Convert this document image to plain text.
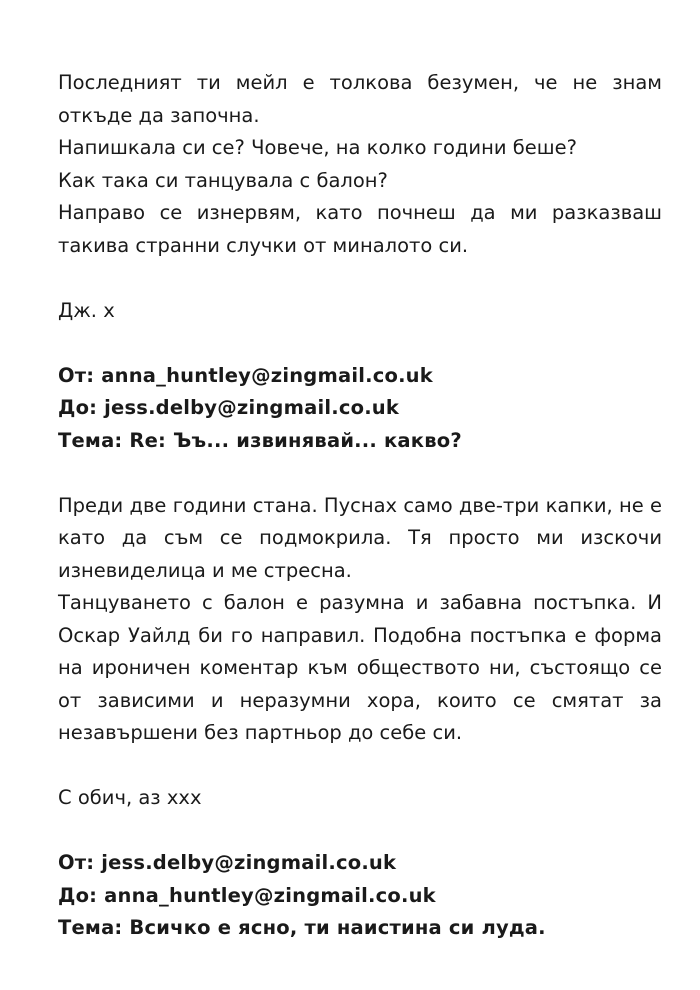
Последният ти мейл е толкова безумен, че не знам откъде да започна.

Напишкала си се? Човече, на колко години беше?

Как така си танцувала с балон?

Направо се изнервям, като почнеш да ми разказваш такива странни случки от миналото си.

Дж. х

От: anna_huntley@zingmail.co.uk

До: jess.delby@zingmail.co.uk

Тема: Re: Ъъ... извинявай... какво?

Преди две години стана. Пуснах само две-три капки, не е като да съм се подмокрила. Тя просто ми изскочи изневиделица и ме стресна.

Танцуването с балон е разумна и забавна постъпка. И Оскар Уайлд би го направил. Подобна постъпка е форма на ироничен коментар към обществото ни, състоящо се от зависими и неразумни хора, които се смятат за незавършени без партньор до себе си.

С обич, аз ххх

От: jess.delby@zingmail.co.uk

До: anna_huntley@zingmail.co.uk

Тема: Всичко е ясно, ти наистина си луда.
